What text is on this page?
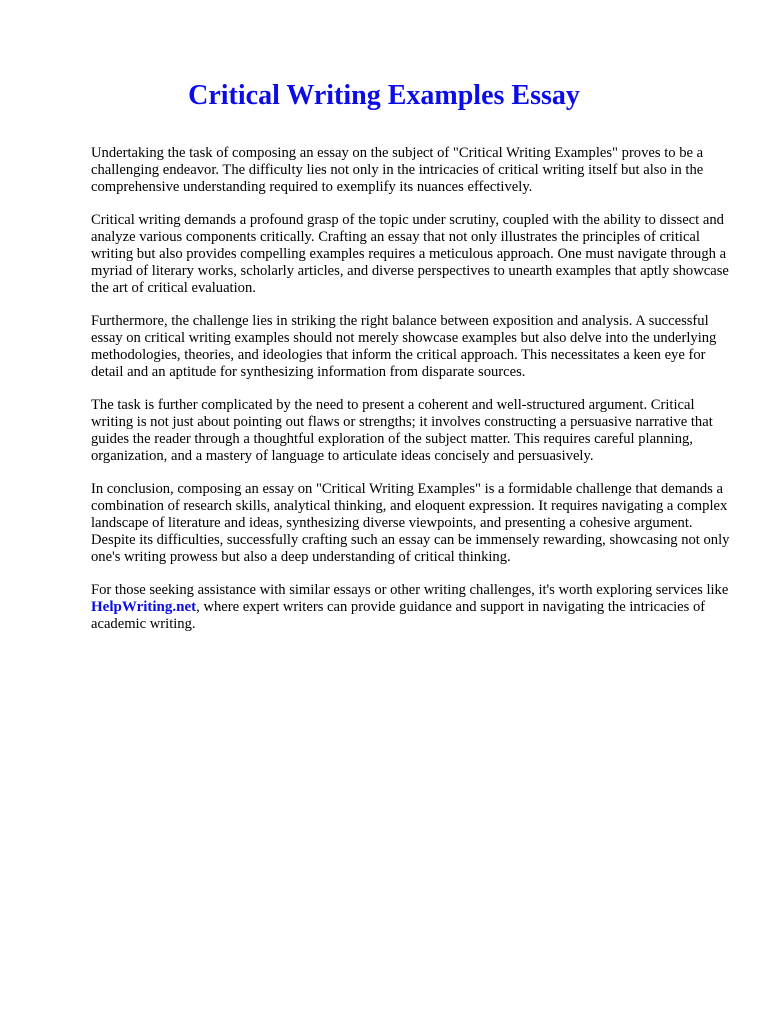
Critical Writing Examples Essay

Undertaking the task of composing an essay on the subject of "Critical Writing Examples" proves to be a challenging endeavor. The difficulty lies not only in the intricacies of critical writing itself but also in the comprehensive understanding required to exemplify its nuances effectively.

Critical writing demands a profound grasp of the topic under scrutiny, coupled with the ability to dissect and analyze various components critically. Crafting an essay that not only illustrates the principles of critical writing but also provides compelling examples requires a meticulous approach. One must navigate through a myriad of literary works, scholarly articles, and diverse perspectives to unearth examples that aptly showcase the art of critical evaluation.

Furthermore, the challenge lies in striking the right balance between exposition and analysis. A successful essay on critical writing examples should not merely showcase examples but also delve into the underlying methodologies, theories, and ideologies that inform the critical approach. This necessitates a keen eye for detail and an aptitude for synthesizing information from disparate sources.

The task is further complicated by the need to present a coherent and well-structured argument. Critical writing is not just about pointing out flaws or strengths; it involves constructing a persuasive narrative that guides the reader through a thoughtful exploration of the subject matter. This requires careful planning, organization, and a mastery of language to articulate ideas concisely and persuasively.

In conclusion, composing an essay on "Critical Writing Examples" is a formidable challenge that demands a combination of research skills, analytical thinking, and eloquent expression. It requires navigating a complex landscape of literature and ideas, synthesizing diverse viewpoints, and presenting a cohesive argument. Despite its difficulties, successfully crafting such an essay can be immensely rewarding, showcasing not only one's writing prowess but also a deep understanding of critical thinking.

For those seeking assistance with similar essays or other writing challenges, it's worth exploring services like HelpWriting.net, where expert writers can provide guidance and support in navigating the intricacies of academic writing.
